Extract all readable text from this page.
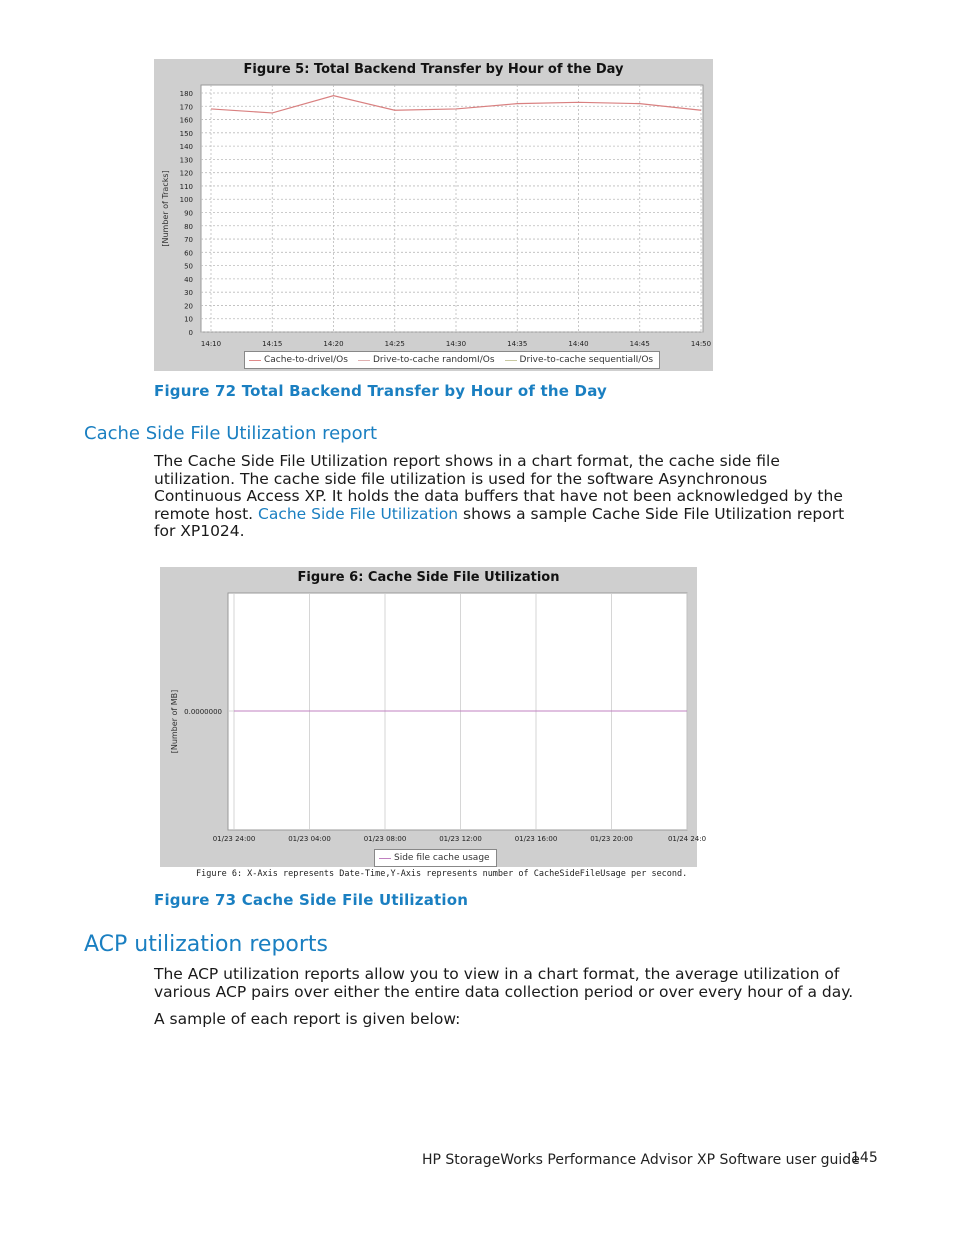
Figure 5: Total Backend Transfer by Hour of the Day
0
10
20
30
40
50
60
70
80
90
100
110
120
130
140
150
160
170
180
14:10	14:15	14:20	14:25	14:30	14:35	14:40	14:45	14:50
[Number of Tracks]
Cache-to-driveI/Os	Drive-to-cache randomI/Os	Drive-to-cache sequentialI/Os
Figure 72 Total Backend Transfer by Hour of the Day
Cache Side File Utilization report
The Cache Side File Utilization report shows in a chart format, the cache side file utilization. The cache side file utilization is used for the software Asynchronous Continuous Access XP. It holds the data buffers that have not been acknowledged by the remote host. Cache Side File Utilization shows a sample Cache Side File Utilization report for XP1024.
Figure 6: Cache Side File Utilization
01/23 24:00	01/23 04:00	01/23 08:00	01/23 12:00	01/23 16:00	01/23 20:00	01/24 24:0
0.0000000
[Number of MB]
Side file cache usage
Figure 6: X-Axis represents Date-Time,Y-Axis represents number of CacheSideFileUsage per second.
Figure 73 Cache Side File Utilization
ACP utilization reports
The ACP utilization reports allow you to view in a chart format, the average utilization of various ACP pairs over either the entire data collection period or over every hour of a day.
A sample of each report is given below:
HP StorageWorks Performance Advisor XP Software user guide
145
